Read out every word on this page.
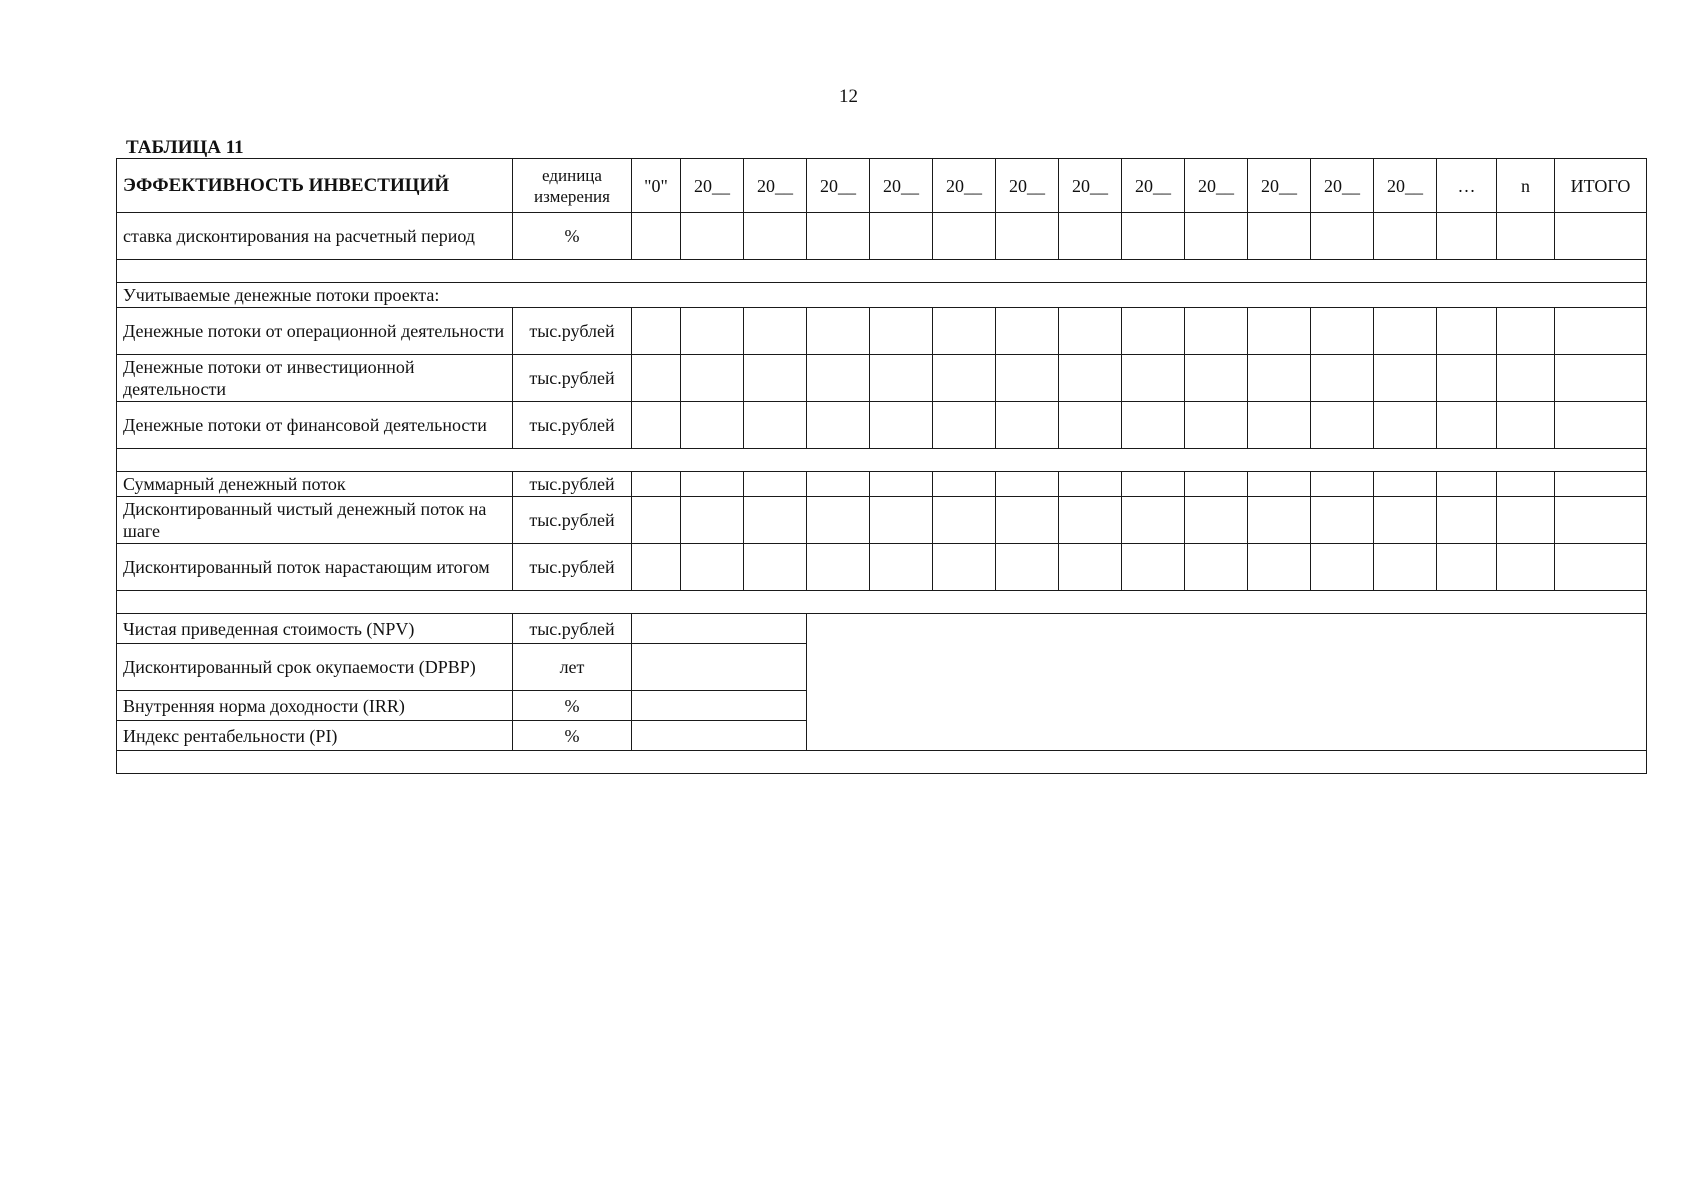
12
ТАБЛИЦА 11
ЭФФЕКТИВНОСТЬ ИНВЕСТИЦИЙ	единица измерения	"0"	20__	20__	20__	20__	20__	20__	20__	20__	20__	20__	20__	20__	…	n	ИТОГО
ставка дисконтирования на расчетный период	%																

Учитываемые денежные потоки проекта:																	
Денежные потоки от операционной деятельности	тыс.рублей																
Денежные потоки от инвестиционной деятельности	тыс.рублей																
Денежные потоки от финансовой деятельности	тыс.рублей																

Суммарный денежный поток	тыс.рублей																
Дисконтированный чистый денежный поток на шаге	тыс.рублей																
Дисконтированный поток нарастающим итогом	тыс.рублей																

Чистая приведенная стоимость (NPV)	тыс.рублей																
Дисконтированный срок окупаемости (DPBP)	лет																
Внутренняя норма доходности (IRR)	%																
Индекс рентабельности (PI)	%																
